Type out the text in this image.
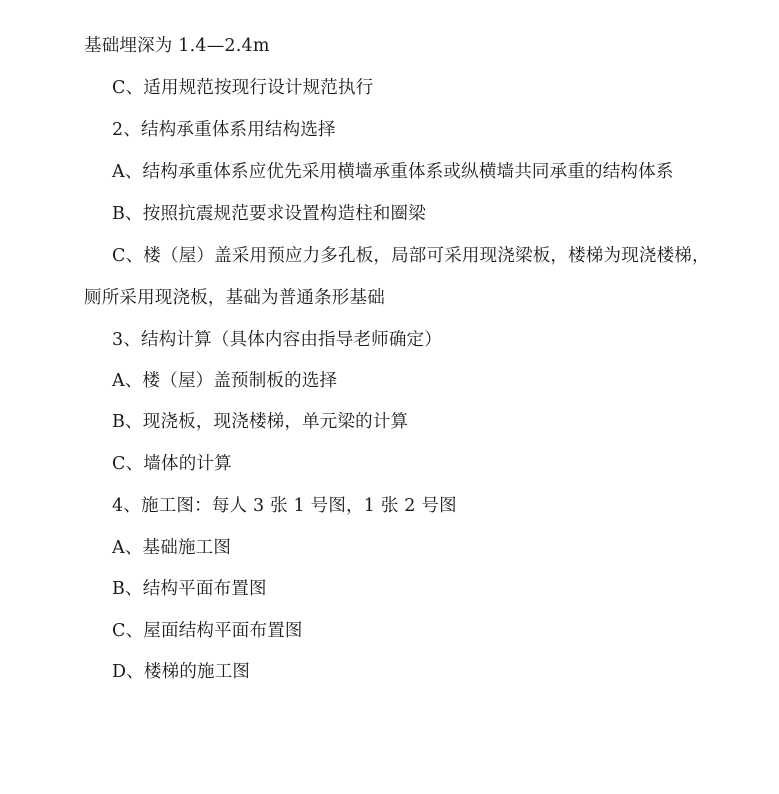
基础埋深为 1.4—2.4m
C、适用规范按现行设计规范执行
2、结构承重体系用结构选择
A、结构承重体系应优先采用横墙承重体系或纵横墙共同承重的结构体系
B、按照抗震规范要求设置构造柱和圈梁
C、楼（屋）盖采用预应力多孔板，局部可采用现浇梁板，楼梯为现浇楼梯，
厕所采用现浇板，基础为普通条形基础
3、结构计算（具体内容由指导老师确定）
A、楼（屋）盖预制板的选择
B、现浇板，现浇楼梯，单元梁的计算
C、墙体的计算
4、施工图：每人 3 张 1 号图，1 张 2 号图
A、基础施工图
B、结构平面布置图
C、屋面结构平面布置图
D、楼梯的施工图
